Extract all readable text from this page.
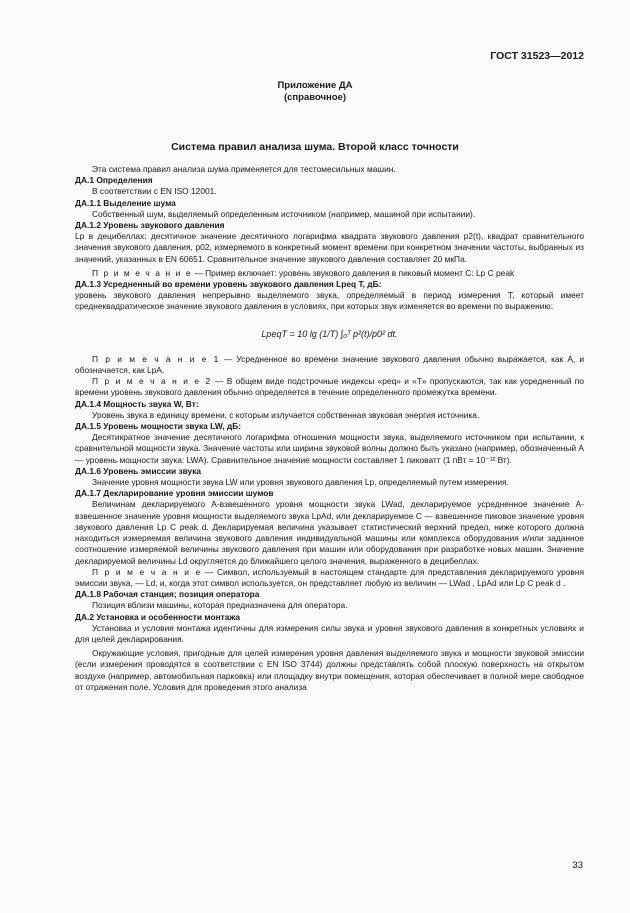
ГОСТ 31523—2012
Приложение ДА
(справочное)
Система правил анализа шума. Второй класс точности

Эта система правил анализа шума применяется для тестомесильных машин.

ДА.1 Определения

В соответствии с EN ISO 12001.

ДА.1.1 Выделение шума

Собственный шум, выделяемый определенным источником (например, машиной при испытании).

ДА.1.2 Уровень звукового давления

Lp в децибеллах: десятичное значение десятичного логарифма квадрата звукового давления p2(t), квадрат сравнительного значения звукового давления, p02, измеряемого в конкретный момент времени при конкретном значении частоты, выбранных из значений, указанных в EN 60651. Сравнительное значение звукового давления составляет 20 мкПа.

П р и м е ч а н и е — Пример включает: уровень звукового давления в пиковый момент C: Lp C peak

ДА.1.3 Усредненный во времени уровень звукового давления Lpeq T, дБ:

уровень звукового давления непрерывно выделяемого звука, определяемый в период измерения T, который имеет среднеквадратическое значение звукового давления в условиях, при которых звук изменяется во времени по выражению:

LpeqT = 10 lg (1/T) ∫₀ᵀ p²(t)/p0² dt.

П р и м е ч а н и е 1 — Усредненное во времени значение звукового давления обычно выражается, как A, и обозначается, как LpA.

П р и м е ч а н и е 2 — В общем виде подстрочные индексы «peq» и «T» пропускаются, так как усредненный по времени уровень звукового давления обычно определяется в течение определенного промежутка времени.

ДА.1.4 Мощность звука W, Вт:

Уровень звука в единицу времени, с которым излучается собственная звуковая энергия источника.

ДА.1.5 Уровень мощности звука LW, дБ:

Десятикратное значение десятичного логарифма отношения мощности звука, выделяемого источником при испытании, к сравнительной мощности звука. Значение частоты или ширина звуковой волны должно быть указано (например, обозначенный A — уровень мощности звука: LWA). Сравнительное значение мощности составляет 1 пиковатт (1 пВт = 10⁻¹² Вт).

ДА.1.6 Уровень эмиссии звука

Значение уровня мощности звука LW или уровня звукового давления Lp, определяемый путем измерения.

ДА.1.7 Декларирование уровня эмиссии шумов

Величинам декларируемого A-взвешенного уровня мощности звука LWad, декларируемое усредненное значение A-взвешенное значение уровня мощности выделяемого звука LpAd, или декларируемое C — взвешенное пиковое значение уровня звукового давления Lp C peak d. Декларируемая величина указывает статистический верхний предел, ниже которого должна находиться измеряемая величина звукового давления индивидуальной машины или комплекса оборудования и/или заданное соотношение измеряемой величины звукового давления при машин или оборудования при разработке новых машин. Значение декларируемой величины Ld округляется до ближайшего целого значения, выраженного в децибеллах.

П р и м е ч а н и е — Символ, используемый в настоящем стандарте для представления декларируемого уровня эмиссии звука, — Ld, и, когда этот символ используется, он представляет любую из величин — LWad , LpAd или Lp C peak d .

ДА.1.8 Рабочая станция; позиция оператора

Позиция вблизи машины, которая предназначена для оператора.

ДА.2 Установка и особенности монтажа

Установка и условия монтажа идентичны для измерения силы звука и уровня звукового давления в конкретных условиях и для целей декларирования.

Окружающие условия, пригодные для целей измерения уровня давления выделяемого звука и мощности звуковой эмиссии (если измерения проводятся в соответствии с EN ISO 3744) должны представлять собой плоскую поверхность на открытом воздухе (например, автомобильная парковка) или площадку внутри помещения, которая обеспечивает в полной мере свободное от отражения поле. Условия для проведения этого анализа

33
